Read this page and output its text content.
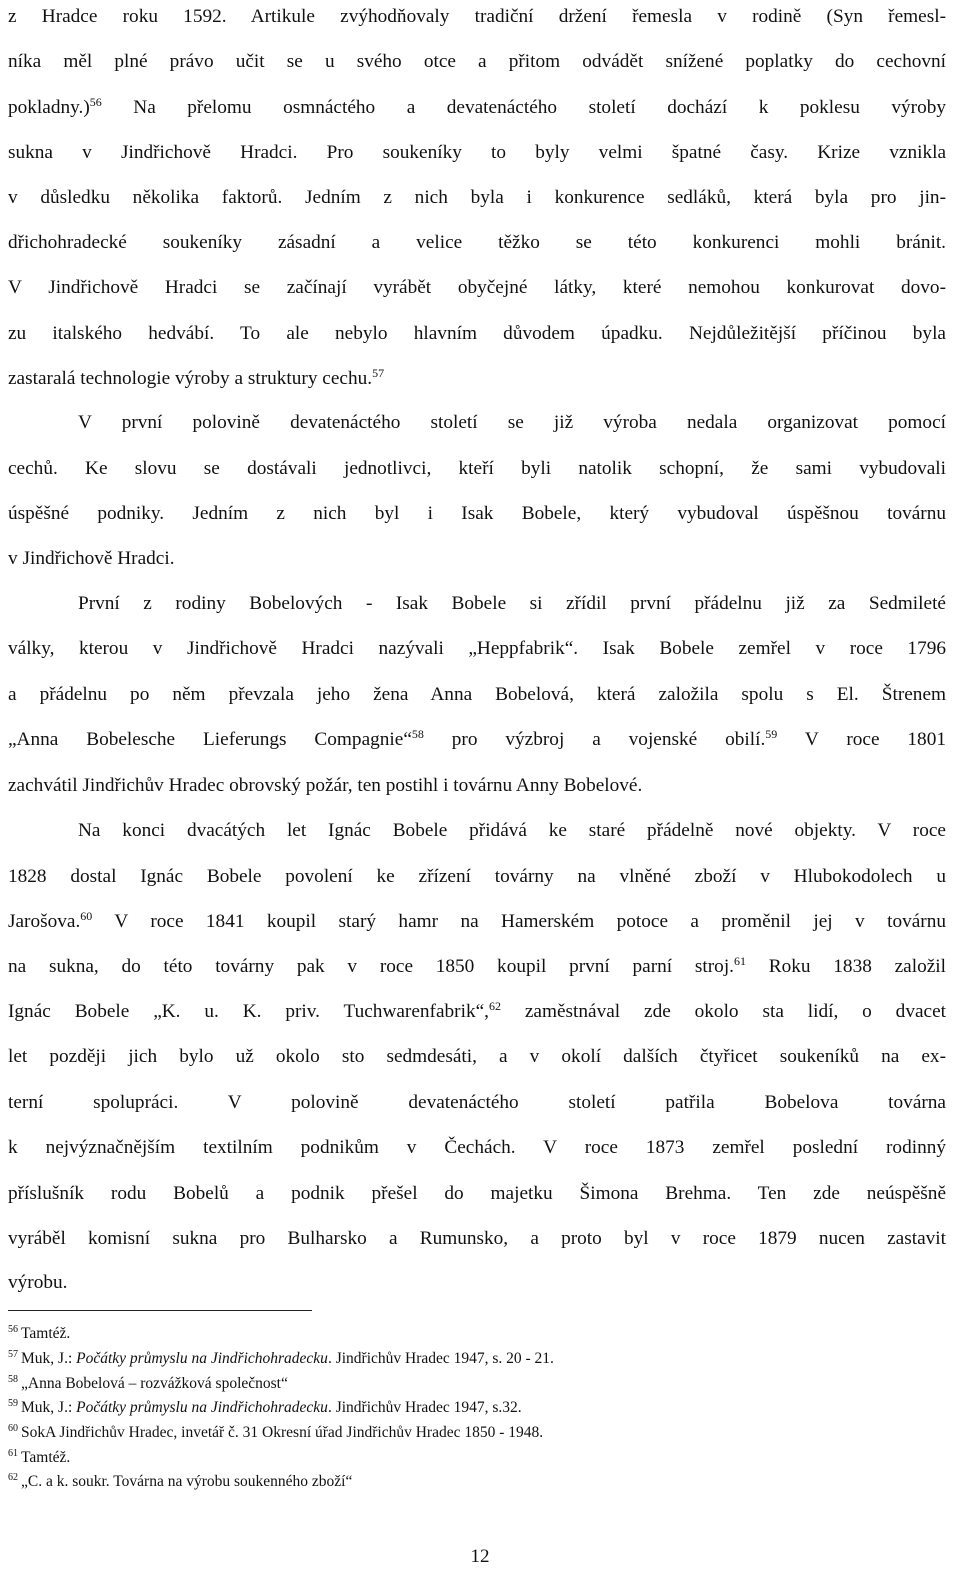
z Hradce roku 1592. Artikule zvýhodňovaly tradiční držení řemesla v rodině (Syn řemesl-
níka měl plné právo učit se u svého otce a přitom odvádět snížené poplatky do cechovní
pokladny.)$^{56}$ Na přelomu osmnáctého a devatenáctého století dochází k poklesu výroby
sukna v Jindřichově Hradci. Pro soukeníky to byly velmi špatné časy. Krize vznikla
v důsledku několika faktorů. Jedním z nich byla i konkurence sedláků, která byla pro jin-
dřichohradecké soukeníky zásadní a velice těžko se této konkurenci mohli bránit.
V Jindřichově Hradci se začínají vyrábět obyčejné látky, které nemohou konkurovat dovo-
zu italského hedvábí. To ale nebylo hlavním důvodem úpadku. Nejdůležitější příčinou byla
zastaralá technologie výroby a struktury cechu.$^{57}$
V první polovině devatenáctého století se již výroba nedala organizovat pomocí
cechů. Ke slovu se dostávali jednotlivci, kteří byli natolik schopní, že sami vybudovali
úspěšné podniky. Jedním z nich byl i Isak Bobele, který vybudoval úspěšnou továrnu
v Jindřichově Hradci.
První z rodiny Bobelových - Isak Bobele si zřídil první přádelnu již za Sedmileté
války, kterou v Jindřichově Hradci nazývali „Heppfabrik“. Isak Bobele zemřel v roce 1796
a přádelnu po něm převzala jeho žena Anna Bobelová, která založila spolu s El. Štrenem
„Anna Bobelesche Lieferungs Compagnie“$^{58}$ pro výzbroj a vojenské obilí.$^{59}$ V roce 1801
zachvátil Jindřichův Hradec obrovský požár, ten postihl i továrnu Anny Bobelové.
Na konci dvacátých let Ignác Bobele přidává ke staré přádelně nové objekty. V roce
1828 dostal Ignác Bobele povolení ke zřízení továrny na vlněné zboží v Hlubokodolech u
Jarošova.$^{60}$ V roce 1841 koupil starý hamr na Hamerském potoce a proměnil jej v továrnu
na sukna, do této továrny pak v roce 1850 koupil první parní stroj.$^{61}$ Roku 1838 založil
Ignác Bobele „K. u. K. priv. Tuchwarenfabrik“,$^{62}$ zaměstnával zde okolo sta lidí, o dvacet
let později jich bylo už okolo sto sedmdesáti, a v okolí dalších čtyřicet soukeníků na ex-
terní spolupráci. V polovině devatenáctého století patřila Bobelova továrna
k nejvýznačnějším textilním podnikům v Čechách. V roce 1873 zemřel poslední rodinný
příslušník rodu Bobelů a podnik přešel do majetku Šimona Brehma. Ten zde neúspěšně
vyráběl komisní sukna pro Bulharsko a Rumunsko, a proto byl v roce 1879 nucen zastavit
výrobu.
$^{56}$ Tamtéž.
$^{57}$ Muk, J.: Počátky průmyslu na Jindřichohradecku. Jindřichův Hradec 1947, s. 20 - 21.
$^{58}$ „Anna Bobelová – rozvážková společnost“
$^{59}$ Muk, J.: Počátky průmyslu na Jindřichohradecku. Jindřichův Hradec 1947, s.32.
$^{60}$ SokA Jindřichův Hradec, invetář č. 31 Okresní úřad Jindřichův Hradec 1850 - 1948.
$^{61}$ Tamtéž.
$^{62}$ „C. a k. soukr. Továrna na výrobu soukenného zboží“
12
